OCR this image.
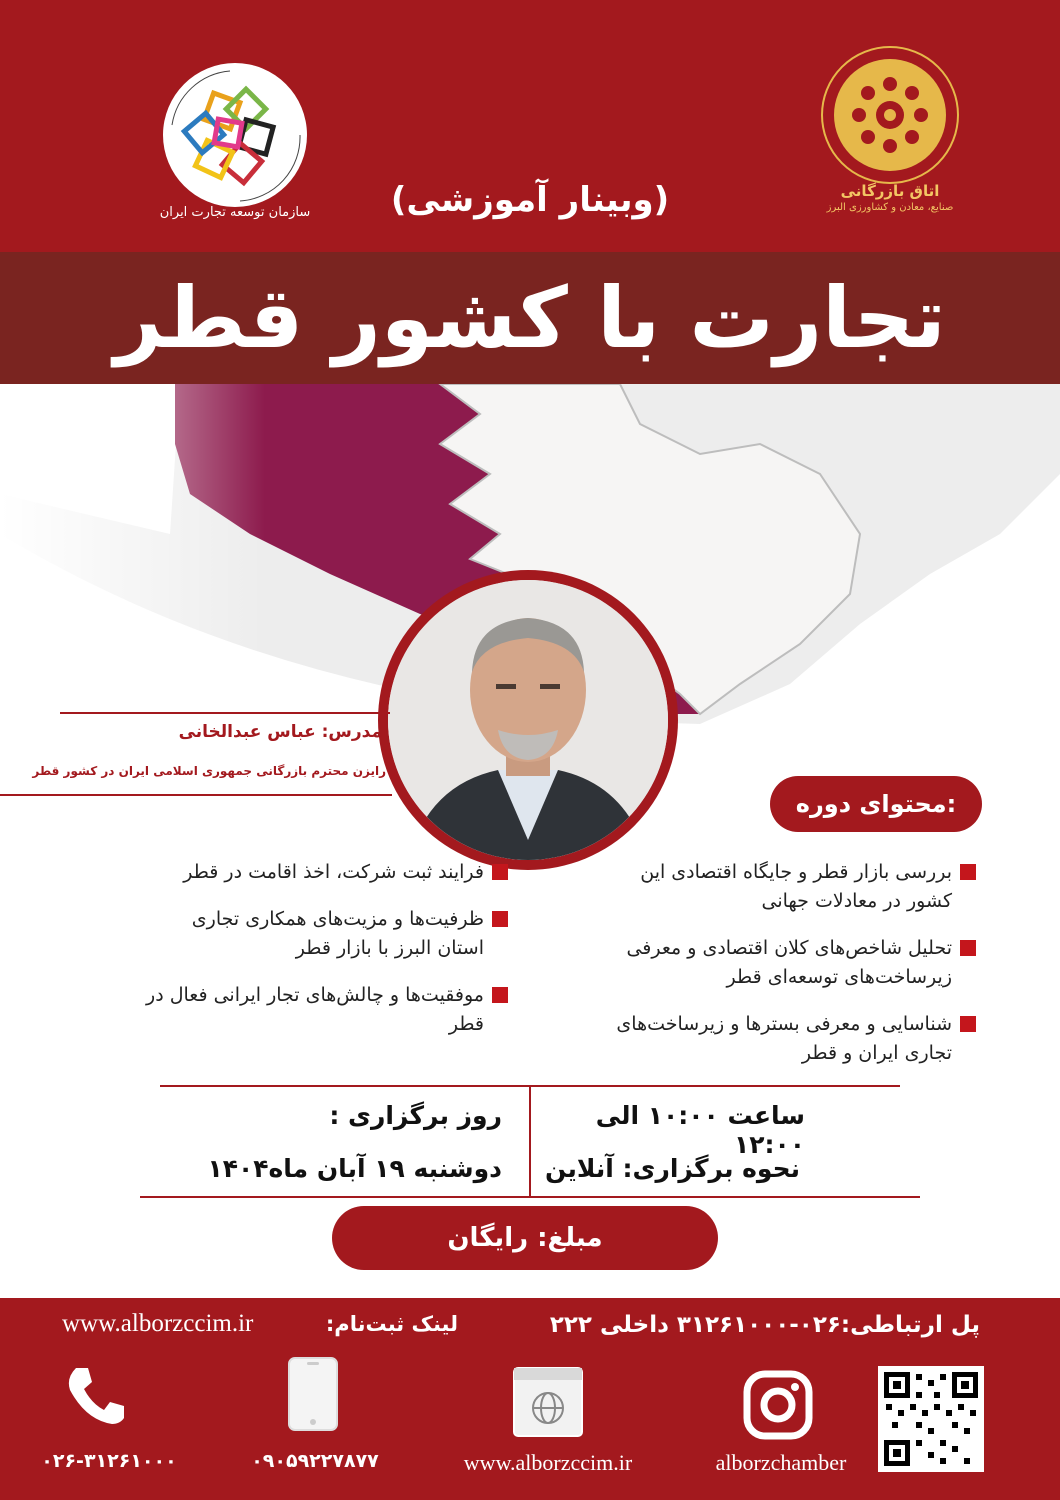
سازمان توسعه تجارت ایران
اتاق بازرگانی
صنایع، معادن و کشاورزی البرز
(وبینار آموزشی)
تجارت با کشور قطر
مدرس: عباس عبدالخانی
رایزن محترم بازرگانی جمهوری اسلامی ایران در کشور قطر
محتوای دوره:
بررسی بازار قطر و جایگاه اقتصادی این کشور در معادلات جهانی
تحلیل شاخص‌های کلان اقتصادی و معرفی زیرساخت‌های توسعه‌ای قطر
شناسایی و معرفی بسترها و زیرساخت‌های تجاری ایران و قطر
فرایند ثبت شرکت، اخذ اقامت در قطر
ظرفیت‌ها و مزیت‌های همکاری تجاری استان البرز با بازار قطر
موفقیت‌ها و چالش‌های تجار ایرانی فعال در قطر
ساعت ۱۰:۰۰ الی ۱۲:۰۰
نحوه برگزاری: آنلاین
روز برگزاری :
دوشنبه ۱۹ آبان ماه۱۴۰۴
مبلغ: رایگان
پل ارتباطی:۰۲۶-۳۱۲۶۱۰۰۰ داخلی ۲۲۲
لینک ثبت‌نام:
www.alborzccim.ir
alborzchamber
www.alborzccim.ir
۰۹۰۵۹۲۲۷۸۷۷
۰۲۶-۳۱۲۶۱۰۰۰
